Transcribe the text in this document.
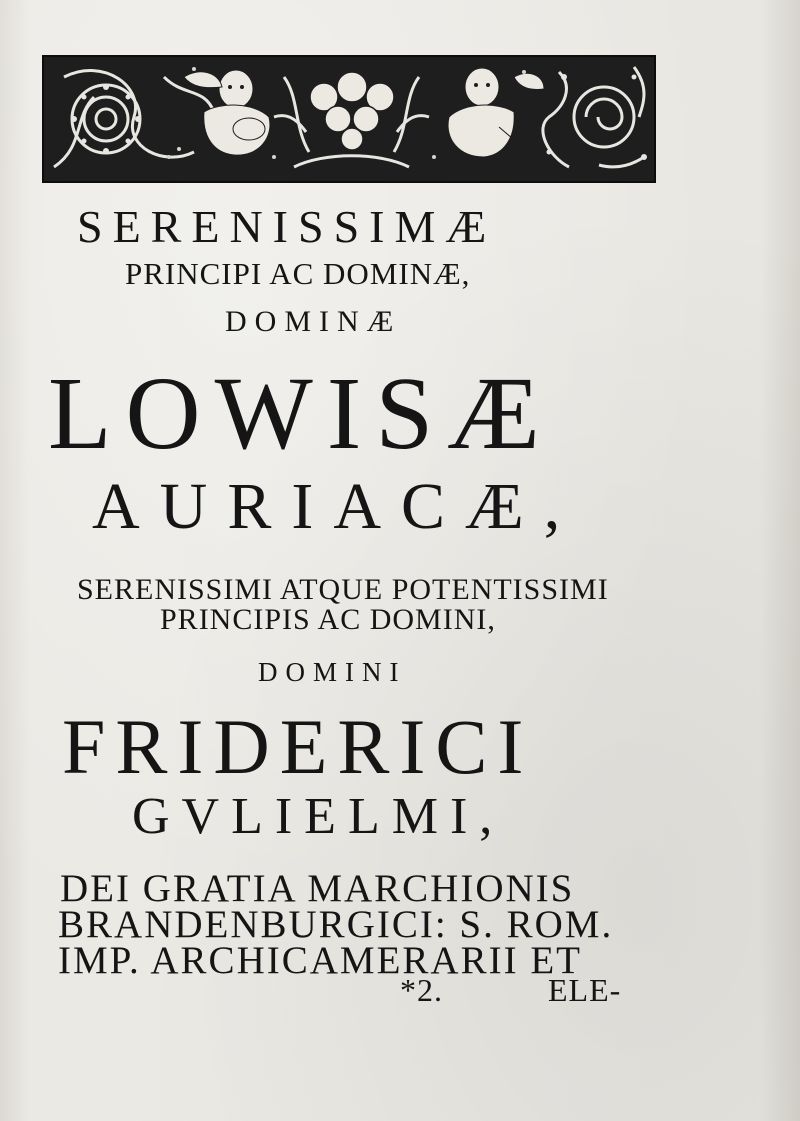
SERENISSIMÆ
PRINCIPI AC DOMINÆ,
DOMINÆ
LOWISÆ
AURIACÆ,
SERENISSIMI ATQUE POTENTISSIMI
PRINCIPIS AC DOMINI,
DOMINI
FRIDERICI
GVLIELMI,
DEI GRATIA MARCHIONIS
BRANDENBURGICI: S. ROM.
IMP. ARCHICAMERARII ET
*2.	ELE-
